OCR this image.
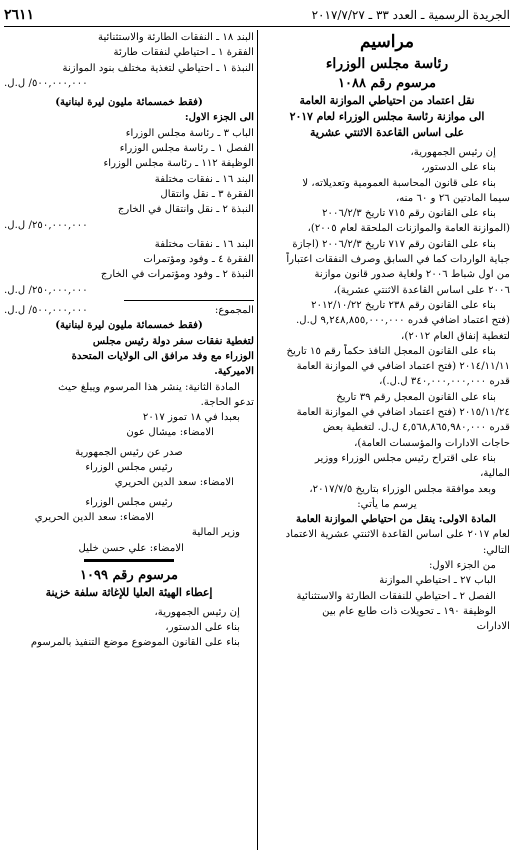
الجريدة الرسمية ـ العدد ٣٣ ـ ٢٠١٧/٧/٢٧
٢٦١١
مراسيم
رئاسة مجلس الوزراء
مرسوم رقم ١٠٨٨
نقل اعتماد من احتياطي الموازنة العامة
الى موازنة رئاسة مجلس الوزراء لعام ٢٠١٧
على اساس القاعدة الاثنتي عشرية
إن رئيس الجمهورية،
بناء على الدستور،
بناء على قانون المحاسبة العمومية وتعديلاته، لا
سيما المادتين ٢٦ و ٦٠ منه،
بناء على القانون رقم ٧١٥ تاريخ ٢٠٠٦/٢/٣
(الموازنة العامة والموازنات الملحقة لعام ٢٠٠٥)،
بناء على القانون رقم ٧١٧ تاريخ ٢٠٠٦/٢/٣ (اجازة
جباية الواردات كما في السابق وصرف النفقات اعتباراً
من اول شباط ٢٠٠٦ ولغاية صدور قانون موازنة
٢٠٠٦ على اساس القاعدة الاثنتي عشرية)،
بناء على القانون رقم ٢٣٨ تاريخ ٢٠١٢/١٠/٢٢
(فتح اعتماد اضافي قدره ٩,٢٤٨,٨٥٥,٠٠٠,٠٠٠ ل.ل.
لتغطية إنفاق العام ٢٠١٢)،
بناء على القانون المعجل النافذ حكماً رقم ١٥ تاريخ
٢٠١٤/١١/١١ (فتح اعتماد اضافي في الموازنة العامة
قدره ٣٤٠,٠٠٠,٠٠٠,٠٠٠ ل.ل.)،
بناء على القانون المعجل رقم ٣٩ تاريخ
٢٠١٥/١١/٢٤ (فتح اعتماد اضافي في الموازنة العامة
قدره ٤,٥٦٨,٨٦٥,٩٨٠,٠٠٠ ل.ل. لتغطية بعض
حاجات الادارات والمؤسسات العامة)،
بناء على اقتراح رئيس مجلس الوزراء ووزير
المالية،
وبعد موافقة مجلس الوزراء بتاريخ ٢٠١٧/٧/٥،
يرسم ما يأتي:
المادة الاولى: ينقل من احتياطي الموازنة العامة
لعام ٢٠١٧ على اساس القاعدة الاثنتي عشرية الاعتماد
التالي:
من الجزء الاول:
الباب ٢٧ ـ احتياطي الموازنة
الفصل ٢ ـ احتياطي للنفقات الطارئة والاستثنائية
الوظيفة ١٩٠ ـ تحويلات ذات طابع عام بين
الادارات
البند ١٨ ـ النفقات الطارئة والاستثنائية
الفقرة ١ ـ احتياطي لنفقات طارئة
النبذة ١ ـ احتياطي لتغذية مختلف بنود الموازنة
٥٠٠,٠٠٠,٠٠٠/ ل.ل.
(فقط خمسمائة مليون ليرة لبنانية)
الى الجزء الاول:
الباب ٣ ـ رئاسة مجلس الوزراء
الفصل ١ ـ رئاسة مجلس الوزراء
الوظيفة ١١٢ ـ رئاسة مجلس الوزراء
البند ١٦ ـ نفقات مختلفة
الفقرة ٣ ـ نقل وانتقال
النبذة ٢ ـ نقل وانتقال في الخارج
٢٥٠,٠٠٠,٠٠٠/ ل.ل.
البند ١٦ ـ نفقات مختلفة
الفقرة ٤ ـ وفود ومؤتمرات
النبذة ٢ ـ وفود ومؤتمرات في الخارج
٢٥٠,٠٠٠,٠٠٠/ ل.ل.
المجموع:
٥٠٠,٠٠٠,٠٠٠/ ل.ل.
(فقط خمسمائة مليون ليرة لبنانية)
لتغطية نفقات سفر دولة رئيس مجلس
الوزراء مع وفد مرافق الى الولايات المتحدة
الاميركية.
المادة الثانية: ينشر هذا المرسوم ويبلغ حيث
تدعو الحاجة.
بعبدا في ١٨ تموز ٢٠١٧
الامضاء: ميشال عون
صدر عن رئيس الجمهورية
رئيس مجلس الوزراء
الامضاء: سعد الدين الحريري
رئيس مجلس الوزراء
الامضاء: سعد الدين الحريري
وزير المالية
الامضاء: علي حسن خليل
مرسوم رقم ١٠٩٩
إعطاء الهيئة العليا للإغاثة سلفة خزينة
إن رئيس الجمهورية،
بناء على الدستور،
بناء على القانون الموضوع موضع التنفيذ بالمرسوم
